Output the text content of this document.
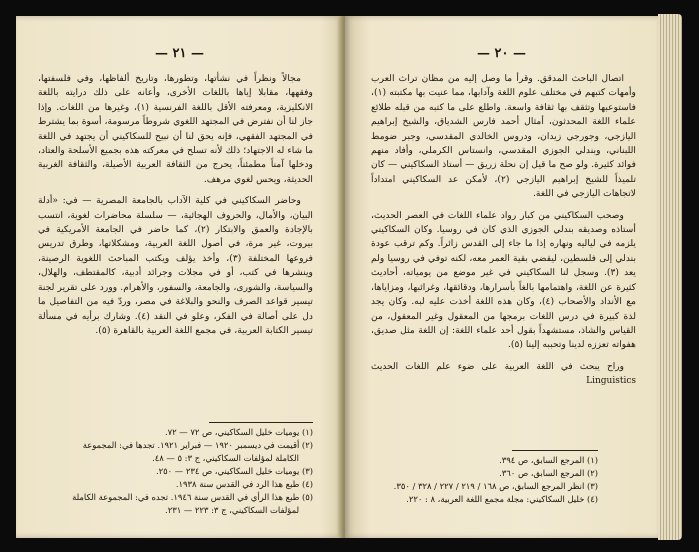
— ٢١ —

مجالاً ونظراً في نشأتها، وتطورها، وتاريخ ألفاظها، وفي فلسفتها، وفقهها، مقابلا إياها باللغات الأخرى، وأعانه على ذلك درايته باللغة الانكليزية، ومعرفته الأقل باللغة الفرنسية (١)، وغيرها من اللغات. وإذا جاز لنا أن نفترض في المجتهد اللغوي شروطاً مرسومة، أسوة بما يشترط في المجتهد الفقهي، فإنه يحق لنا أن نبيح للسكاكيني أن يجتهد في اللغة ما شاء له الاجتهاد؛ ذلك لأنه تسلح في معركته هذه بجميع الأسلحة والعتاد، ودخلها آمناً مطمئناً، يحرج من الثقافة العربية الأصيلة، والثقافة الغربية الحديثة، ويحس لغوي مرهف.

وحاضر السكاكيني في كلية الآداب بالجامعة المصرية — في: «أدلة البيان، والأمال، والحروف الهجائية، — سلسلة محاضرات لغوية، انتسب بالإجادة والعمق والابتكار (٢)، كما حاضر في الجامعة الأمريكية في بيروت، غير مرة، في أصول اللغة العربية، ومشكلاتها، وطرق تدريس فروعها المختلفة (٣)، وأخذ يؤلف ويكتب المباحث اللغوية الرصينة، وينشرها في كتب، أو في مجلات وجرائد أدبية، كالمقتطف، والهلال، والسياسة، والشورى، والجامعة، والسفور، والأهرام. وورد على تقرير لجنة تيسير قواعد الصرف والنحو والبلاغة في مصر، وردّ فيه من التفاصيل ما دل على أصالة في الفكر، وعلو في النقد (٤). وشارك برأيه في مسألة تيسير الكتابة العربية، في مجمع اللغة العربية بالقاهرة (٥).

(١) يوميات خليل السكاكيني، ص ٧٢ — ٧٢.
(٢) أقيمت في ديسمبر ١٩٢٠ — فبراير ١٩٢١. تجدها في: المجموعة
الكاملة لمؤلفات السكاكيني، ج ٣: ٥ — ٤٨.
(٣) يوميات خليل السكاكيني، ص ٢٣٤ — ٢٥٠.
(٤) طبع هذا الرد في القدس سنة ١٩٣٨.
(٥) طبع هذا الرأي في القدس سنة ١٩٤٦. تجده في: المجموعة الكاملة
لمؤلفات السكاكيني، ج ٣: ٢٢٣ — ٢٣١.
— ٢٠ —

اتصال الباحث المدقق. وقرأ ما وصل إليه من مظان تراث العرب وأمهات كتبهم في مختلف علوم اللغة وآدابها، مما عنيت بها مكتبته (١)، فاستوعبها وتثقف بها ثقافة واسعة. واطلع على ما كتبه من قبله طلائع علماء اللغة المحدثون، أمثال أحمد فارس الشدياق، والشيخ إبراهيم اليازجي، وجورجي زيدان، ودروس الخالدي المقدسي، وجبر ضومط اللبناني، وبندلي الجوزي المقدسي، وانستاس الكرملي، وأفاد منهم فوائد كثيرة. ولو صح ما قيل إن نحلة زريق — أستاذ السكاكيني — كان تلميذاً للشيخ إبراهيم اليازجي (٢)، لأمكن عد السكاكيني امتداداً لاتجاهات اليازجي في اللغة.

وصحب السكاكيني من كبار رواد علماء اللغات في العصر الحديث، أستاذه وصديقه بندلي الجوزي الذي كان في روسيا. وكان السكاكيني يلزمه في لياليه ونهاره إذا ما جاء إلى القدس زائراً. وكم ترقب عودة بندلي إلى فلسطين، ليقضي بقية العمر معه، لكنه توفي في روسيا ولم يعد (٣). وسجل لنا السكاكيني في غير موضع من يومياته، أحاديث كثيرة عن اللغة، واهتمامها بالغاً بأسرارها، ودقائقها، وغرائبها، ومزاياها، مع الأنداد والأصحاب (٤)، وكان هذه اللغة أخذت عليه لبه. وكان يجد لذة كبيرة في درس اللغات برمجها من المعقول وغير المعقول، من القياس والشاذ، مستشهداً بقول أحد علماء اللغة: إن اللغة مثل صديق، هفواته تعززه لدينا وتحببه إلينا (٥).

وراح يبحث في اللغة العربية على ضوء علم اللغات الحديث Linguistics

(١) المرجع السابق، ص ٣٩٤.
(٢) المرجع السابق، ص ٣٦٠.
(٣) انظر المرجع السابق، ص ١٦٨ / ٢١٩ / ٢٢٧ / ٣٢٨ / ٣٥٠.
(٤) خليل السكاكيني: مجلة مجمع اللغة العربية، ٨ : ٢٢٠.
